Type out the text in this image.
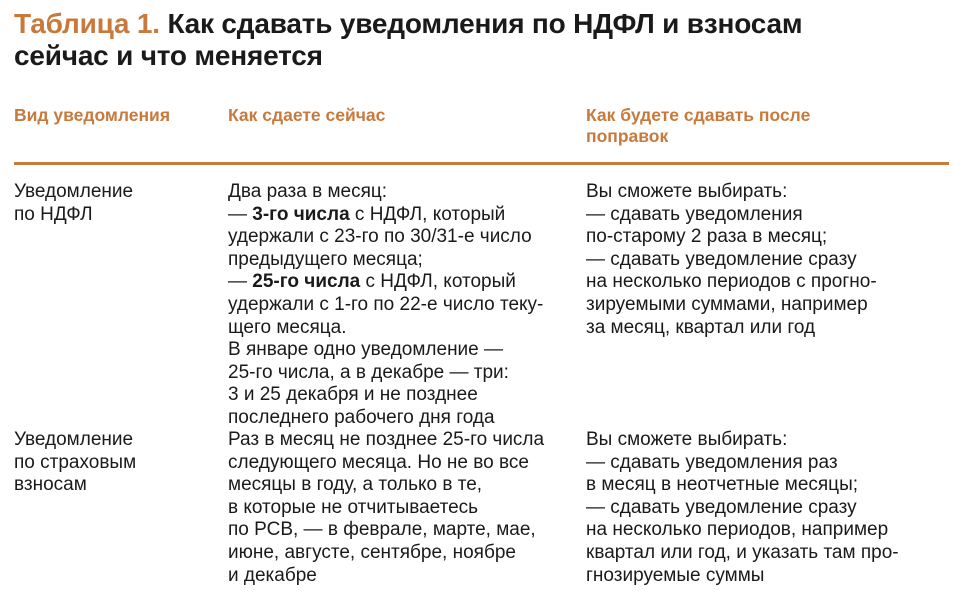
Таблица 1. Как сдавать уведомления по НДФЛ и взносам
сейчас и что меняется
Вид уведомления	Как сдаете сейчас	Как будете сдавать после
поправок
Уведомление
по НДФЛ
Два раза в месяц:
— 3-го числа с НДФЛ, который
удержали с 23-го по 30/31-е число
предыдущего месяца;
— 25-го числа с НДФЛ, который
удержали с 1-го по 22-е число теку-
щего месяца.
В январе одно уведомление —
25-го числа, а в декабре — три:
3 и 25 декабря и не позднее
последнего рабочего дня года
Вы сможете выбирать:
— сдавать уведомления
по-старому 2 раза в месяц;
— сдавать уведомление сразу
на несколько периодов с прогно-
зируемыми суммами, например
за месяц, квартал или год
Уведомление
по страховым
взносам
Раз в месяц не позднее 25-го числа
следующего месяца. Но не во все
месяцы в году, а только в те,
в которые не отчитываетесь
по РСВ, — в феврале, марте, мае,
июне, августе, сентябре, ноябре
и декабре
Вы сможете выбирать:
— сдавать уведомления раз
в месяц в неотчетные месяцы;
— сдавать уведомление сразу
на несколько периодов, например
квартал или год, и указать там про-
гнозируемые суммы
